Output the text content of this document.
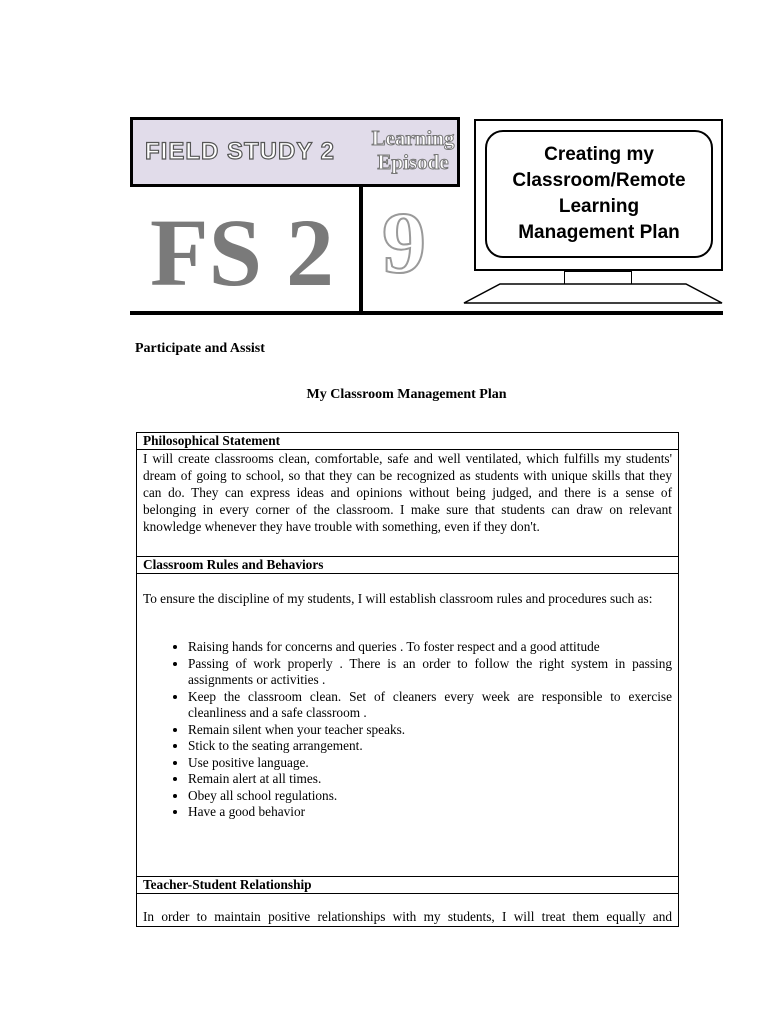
FIELD STUDY 2	Learning
Episode
FS 2 9
Creating my Classroom/Remote Learning Management Plan
Participate and Assist
My Classroom Management Plan
Philosophical Statement

I will create classrooms clean, comfortable, safe and well ventilated, which fulfills my students' dream of going to school, so that they can be recognized as students with unique skills that they can do. They can express ideas and opinions without being judged, and there is a sense of belonging in every corner of the classroom. I make sure that students can draw on relevant knowledge whenever they have trouble with something, even if they don't.

Classroom Rules and Behaviors

To ensure the discipline of my students, I will establish classroom rules and procedures such as:
• Raising hands for concerns and queries . To foster respect and a good attitude
• Passing of work properly . There is an order to follow the right system in passing assignments or activities .
• Keep the classroom clean. Set of cleaners every week are responsible to exercise cleanliness and a safe classroom .
• Remain silent when your teacher speaks.
• Stick to the seating arrangement.
• Use positive language.
• Remain alert at all times.
• Obey all school regulations.
• Have a good behavior

Teacher-Student Relationship

In order to maintain positive relationships with my students, I will treat them equally and
